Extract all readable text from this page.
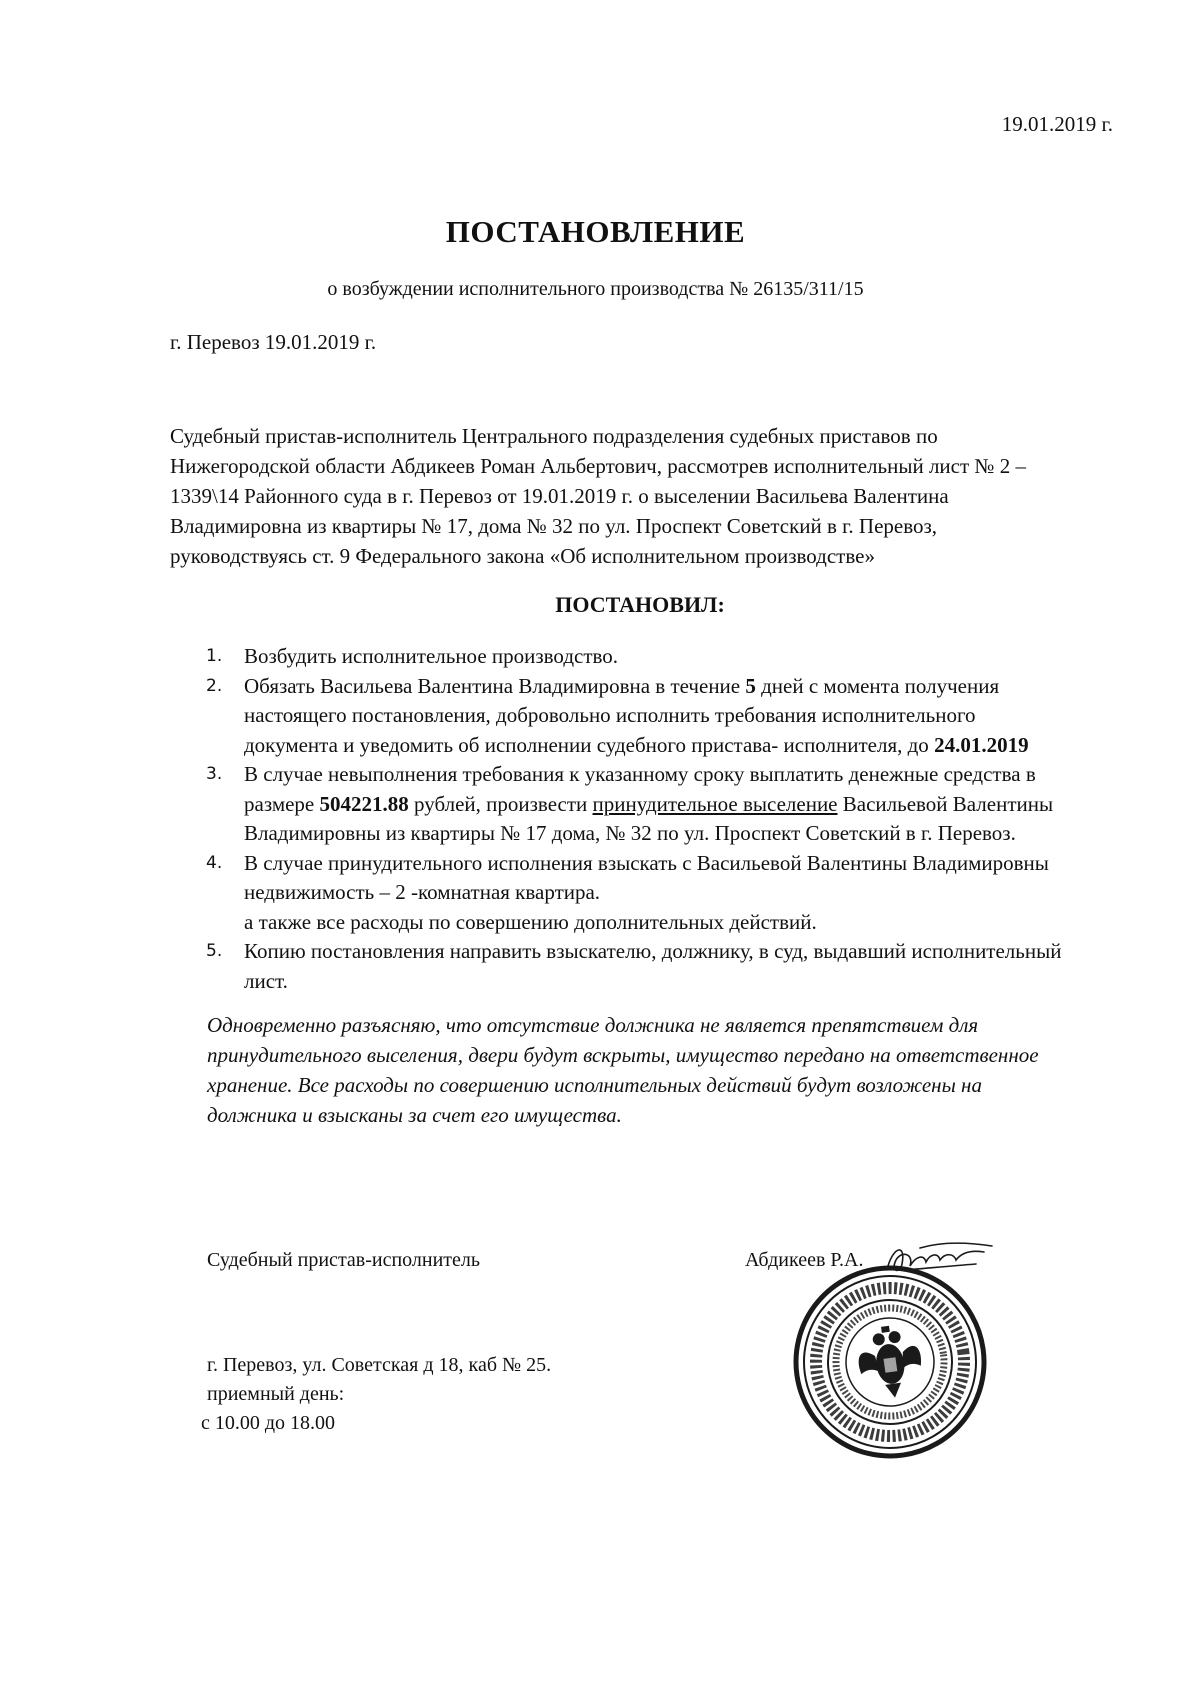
19.01.2019 г.

ПОСТАНОВЛЕНИЕ

о возбуждении исполнительного производства № 26135/311/15

г. Перевоз 19.01.2019 г.

Судебный пристав-исполнитель Центрального подразделения судебных приставов по
Нижегородской области Абдикеев Роман Альбертович, рассмотрев исполнительный лист № 2 –
1339\14 Районного суда в г. Перевоз от 19.01.2019 г. о выселении Васильева Валентина
Владимировна из квартиры № 17, дома № 32 по ул. Проспект Советский в г. Перевоз,
руководствуясь ст. 9 Федерального закона «Об исполнительном производстве»
ПОСТАНОВИЛ:
1. Возбудить исполнительное производство.
2. Обязать Васильева Валентина Владимировна в течение 5 дней с момента получения
настоящего постановления, добровольно исполнить требования исполнительного
документа и уведомить об исполнении судебного пристава- исполнителя, до 24.01.2019
3. В случае невыполнения требования к указанному сроку выплатить денежные средства в
размере 504221.88 рублей, произвести принудительное выселение Васильевой Валентины
Владимировны из квартиры № 17 дома, № 32 по ул. Проспект Советский в г. Перевоз.
4. В случае принудительного исполнения взыскать с Васильевой Валентины Владимировны
недвижимость – 2 -комнатная квартира.
а также все расходы по совершению дополнительных действий.
5. Копию постановления направить взыскателю, должнику, в суд, выдавший исполнительный
лист.
Одновременно разъясняю, что отсутствие должника не является препятствием для
принудительного выселения, двери будут вскрыты, имущество передано на ответственное
хранение. Все расходы по совершению исполнительных действий будут возложены на
должника и взысканы за счет его имущества.

Судебный пристав-исполнитель	Абдикеев Р.А.

г. Перевоз, ул. Советская д 18, каб № 25.
приемный день:
с 10.00 до 18.00
